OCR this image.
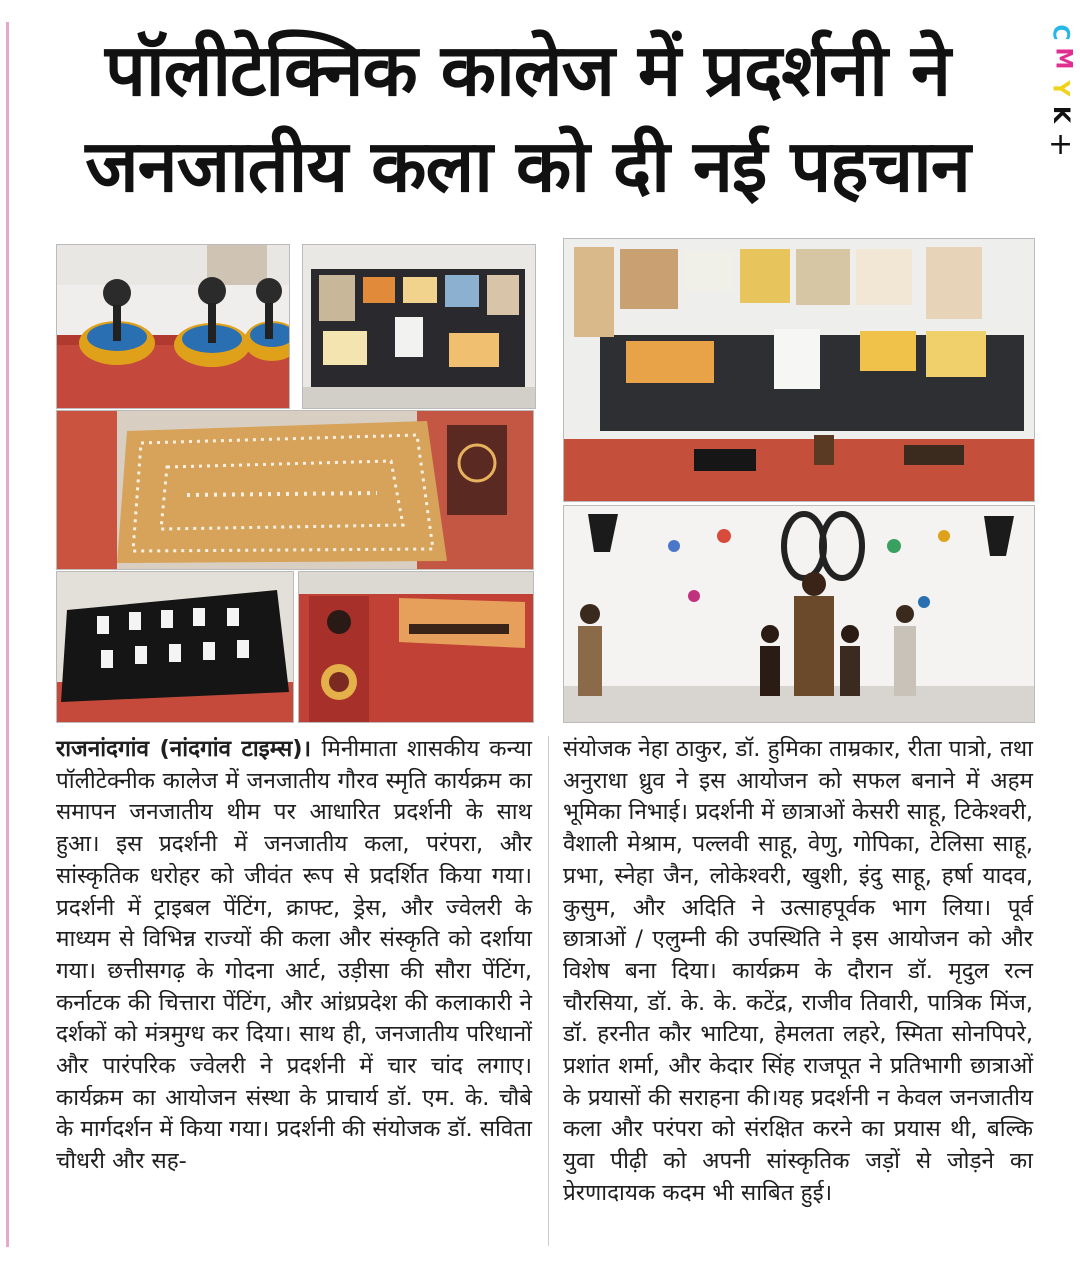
पॉलीटेक्निक कालेज में प्रदर्शनी ने
जनजातीय कला को दी नई पहचान
C
M
Y
K
+
राजनांदगांव (नांदगांव टाइम्स)। मिनीमाता शासकीय कन्या पॉलीटेक्नीक कालेज में जनजातीय गौरव स्मृति कार्यक्रम का समापन जनजातीय थीम पर आधारित प्रदर्शनी के साथ हुआ। इस प्रदर्शनी में जनजातीय कला, परंपरा, और सांस्कृतिक धरोहर को जीवंत रूप से प्रदर्शित किया गया। प्रदर्शनी में ट्राइबल पेंटिंग, क्राफ्ट, ड्रेस, और ज्वेलरी के माध्यम से विभिन्न राज्यों की कला और संस्कृति को दर्शाया गया। छत्तीसगढ़ के गोदना आर्ट, उड़ीसा की सौरा पेंटिंग, कर्नाटक की चित्तारा पेंटिंग, और आंध्रप्रदेश की कलाकारी ने दर्शकों को मंत्रमुग्ध कर दिया। साथ ही, जनजातीय परिधानों और पारंपरिक ज्वेलरी ने प्रदर्शनी में चार चांद लगाए। कार्यक्रम का आयोजन संस्था के प्राचार्य डॉ. एम. के. चौबे के मार्गदर्शन में किया गया। प्रदर्शनी की संयोजक डॉ. सविता चौधरी और सह-
संयोजक नेहा ठाकुर, डॉ. हुमिका ताम्रकार, रीता पात्रो, तथा अनुराधा ध्रुव ने इस आयोजन को सफल बनाने में अहम भूमिका निभाई। प्रदर्शनी में छात्राओं केसरी साहू, टिकेश्वरी, वैशाली मेश्राम, पल्लवी साहू, वेणु, गोपिका, टेलिसा साहू, प्रभा, स्नेहा जैन, लोकेश्वरी, खुशी, इंदु साहू, हर्षा यादव, कुसुम, और अदिति ने उत्साहपूर्वक भाग लिया। पूर्व छात्राओं / एलुम्नी की उपस्थिति ने इस आयोजन को और विशेष बना दिया। कार्यक्रम के दौरान डॉ. मृदुल रत्न चौरसिया, डॉ. के. के. कटेंद्र, राजीव तिवारी, पात्रिक मिंज, डॉ. हरनीत कौर भाटिया, हेमलता लहरे, स्मिता सोनपिपरे, प्रशांत शर्मा, और केदार सिंह राजपूत ने प्रतिभागी छात्राओं के प्रयासों की सराहना की।यह प्रदर्शनी न केवल जनजातीय कला और परंपरा को संरक्षित करने का प्रयास थी, बल्कि युवा पीढ़ी को अपनी सांस्कृतिक जड़ों से जोड़ने का प्रेरणादायक कदम भी साबित हुई।
